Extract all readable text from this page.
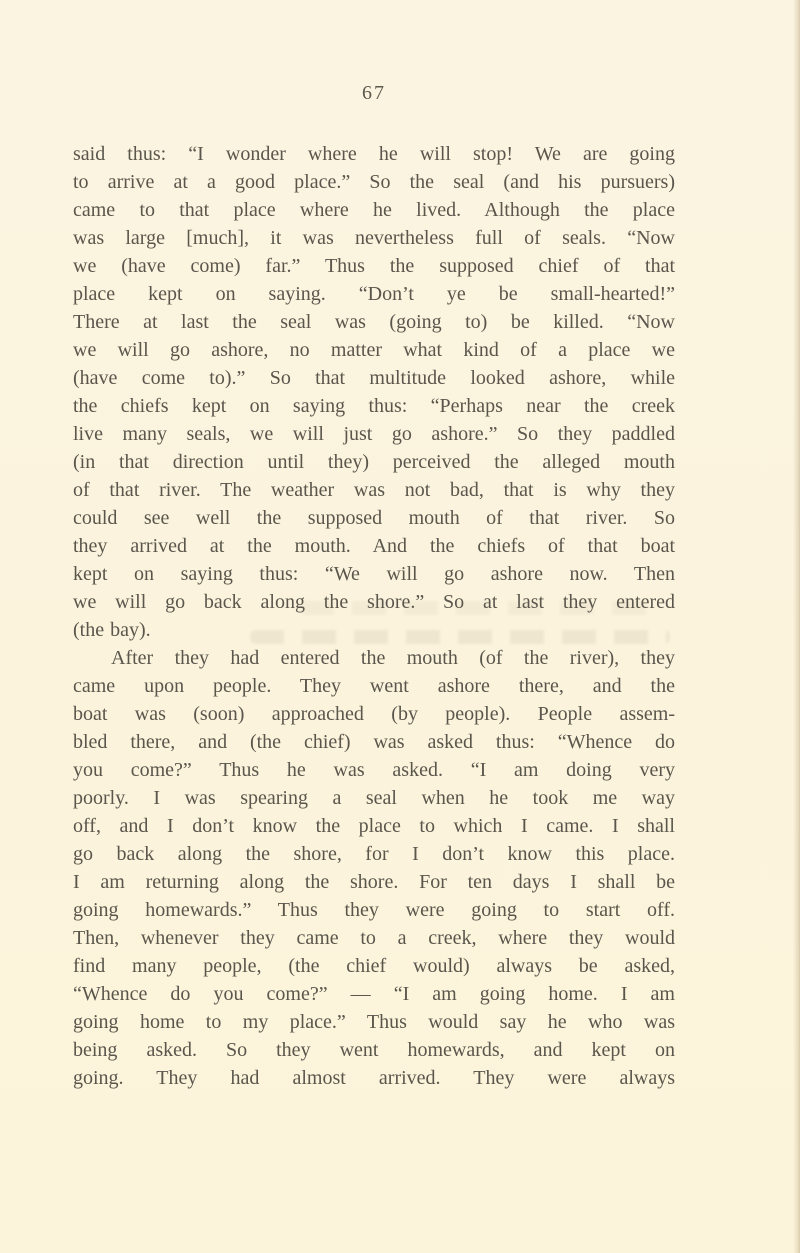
67

said thus: “I wonder where he will stop! We are going
to arrive at a good place.” So the seal (and his pursuers)
came to that place where he lived. Although the place
was large [much], it was nevertheless full of seals. “Now
we (have come) far.” Thus the supposed chief of that
place kept on saying. “Don’t ye be small-hearted!”
There at last the seal was (going to) be killed. “Now
we will go ashore, no matter what kind of a place we
(have come to).” So that multitude looked ashore, while
the chiefs kept on saying thus: “Perhaps near the creek
live many seals, we will just go ashore.” So they paddled
(in that direction until they) perceived the alleged mouth
of that river. The weather was not bad, that is why they
could see well the supposed mouth of that river. So
they arrived at the mouth. And the chiefs of that boat
kept on saying thus: “We will go ashore now. Then
we will go back along the shore.” So at last they entered
(the bay).

After they had entered the mouth (of the river), they
came upon people. They went ashore there, and the
boat was (soon) approached (by people). People assem-
bled there, and (the chief) was asked thus: “Whence do
you come?” Thus he was asked. “I am doing very
poorly. I was spearing a seal when he took me way
off, and I don’t know the place to which I came. I shall
go back along the shore, for I don’t know this place.
I am returning along the shore. For ten days I shall be
going homewards.” Thus they were going to start off.
Then, whenever they came to a creek, where they would
find many people, (the chief would) always be asked,
“Whence do you come?” — “I am going home. I am
going home to my place.” Thus would say he who was
being asked. So they went homewards, and kept on
going. They had almost arrived. They were always
